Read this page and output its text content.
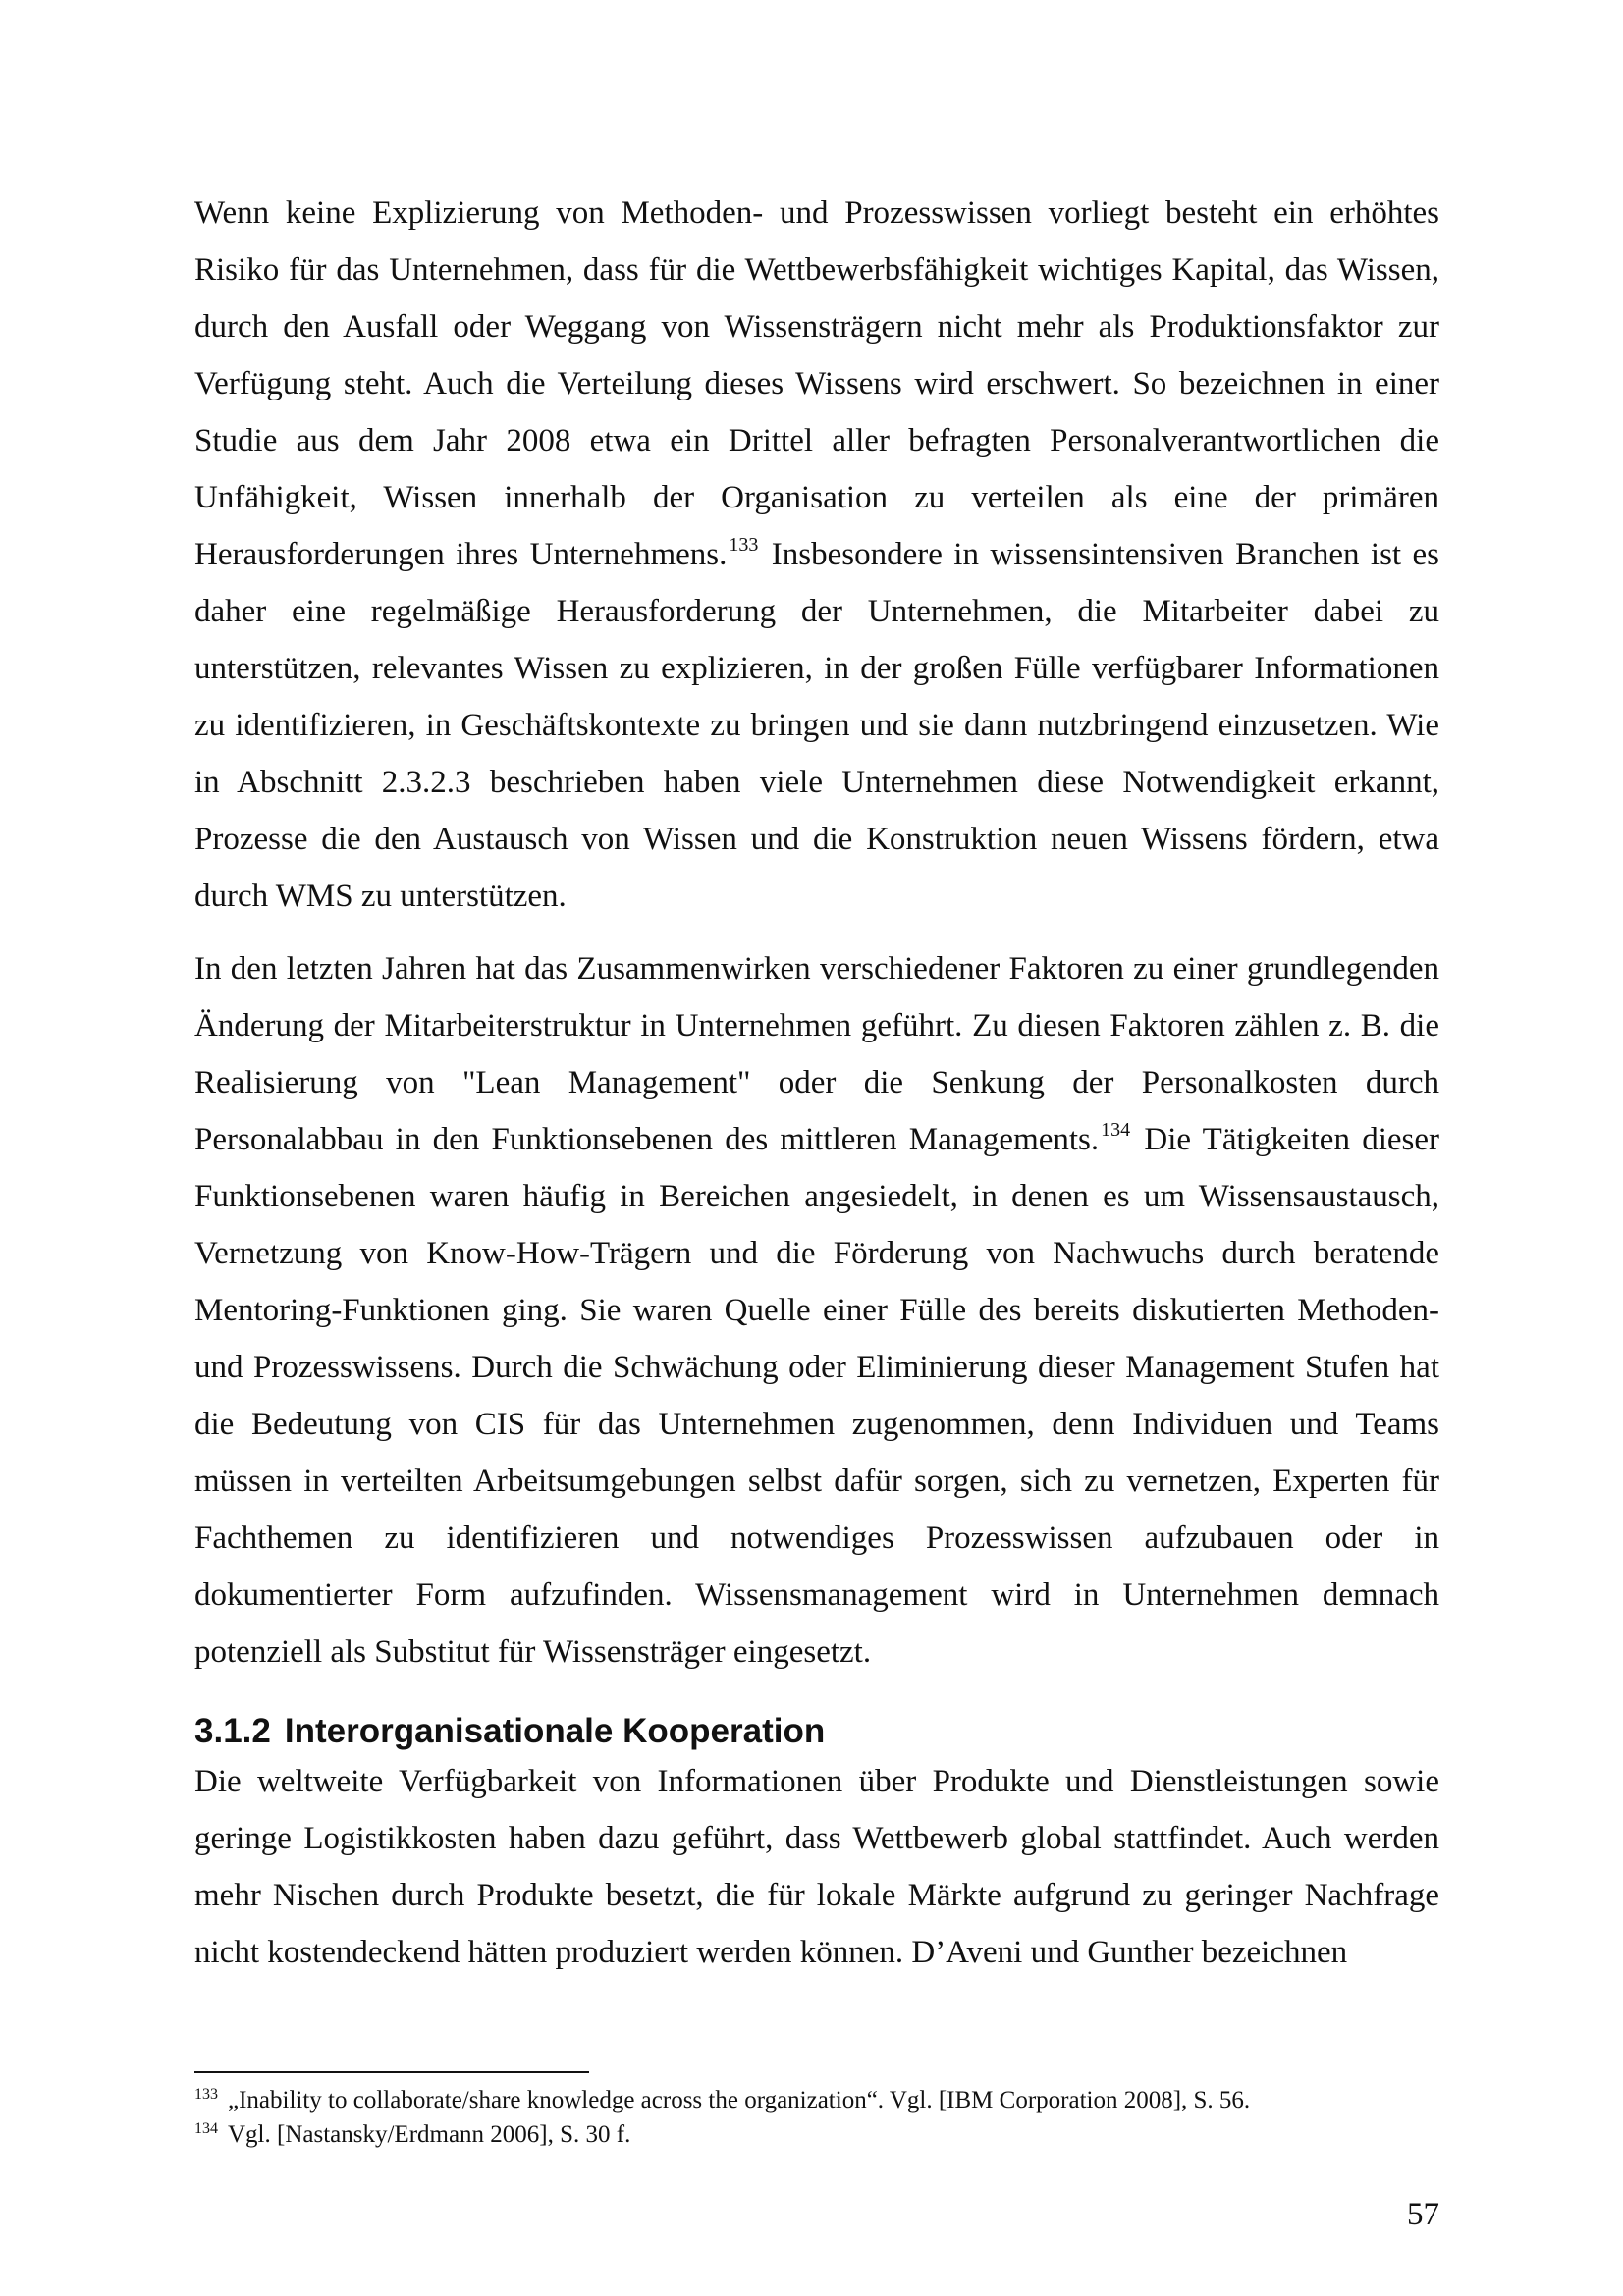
Wenn keine Explizierung von Methoden- und Prozesswissen vorliegt besteht ein erhöhtes Risiko für das Unternehmen, dass für die Wettbewerbsfähigkeit wichtiges Kapital, das Wissen, durch den Ausfall oder Weggang von Wissensträgern nicht mehr als Produktionsfaktor zur Verfügung steht. Auch die Verteilung dieses Wissens wird erschwert. So bezeichnen in einer Studie aus dem Jahr 2008 etwa ein Drittel aller befragten Personalverantwortlichen die Unfähigkeit, Wissen innerhalb der Organisation zu verteilen als eine der primären Herausforderungen ihres Unternehmens. $^{133}$ Insbesondere in wissensintensiven Branchen ist es daher eine regelmäßige Herausforderung der Unternehmen, die Mitarbeiter dabei zu unterstützen, relevantes Wissen zu explizieren, in der großen Fülle verfügbarer Informationen zu identifizieren, in Geschäftskontexte zu bringen und sie dann nutzbringend einzusetzen. Wie in Abschnitt 2.3.2.3 beschrieben haben viele Unternehmen diese Notwendigkeit erkannt, Prozesse die den Austausch von Wissen und die Konstruktion neuen Wissens fördern, etwa durch WMS zu unterstützen.

In den letzten Jahren hat das Zusammenwirken verschiedener Faktoren zu einer grundlegenden Änderung der Mitarbeiterstruktur in Unternehmen geführt. Zu diesen Faktoren zählen z. B. die Realisierung von "Lean Management" oder die Senkung der Personalkosten durch Personalabbau in den Funktionsebenen des mittleren Managements. $^{134}$ Die Tätigkeiten dieser Funktionsebenen waren häufig in Bereichen angesiedelt, in denen es um Wissensaustausch, Vernetzung von Know-How-Trägern und die Förderung von Nachwuchs durch beratende Mentoring-Funktionen ging. Sie waren Quelle einer Fülle des bereits diskutierten Methoden- und Prozesswissens. Durch die Schwächung oder Eliminierung dieser Management Stufen hat die Bedeutung von CIS für das Unternehmen zugenommen, denn Individuen und Teams müssen in verteilten Arbeitsumgebungen selbst dafür sorgen, sich zu vernetzen, Experten für Fachthemen zu identifizieren und notwendiges Prozesswissen aufzubauen oder in dokumentierter Form aufzufinden. Wissensmanagement wird in Unternehmen demnach potenziell als Substitut für Wissensträger eingesetzt.

3.1.2 Interorganisationale Kooperation

Die weltweite Verfügbarkeit von Informationen über Produkte und Dienstleistungen sowie geringe Logistikkosten haben dazu geführt, dass Wettbewerb global stattfindet. Auch werden mehr Nischen durch Produkte besetzt, die für lokale Märkte aufgrund zu geringer Nachfrage nicht kostendeckend hätten produziert werden können. D’Aveni und Gunther bezeichnen

$^{133}$ „Inability to collaborate/share knowledge across the organization“. Vgl. [IBM Corporation 2008], S. 56.

$^{134}$ Vgl. [Nastansky/Erdmann 2006], S. 30 f.

57
